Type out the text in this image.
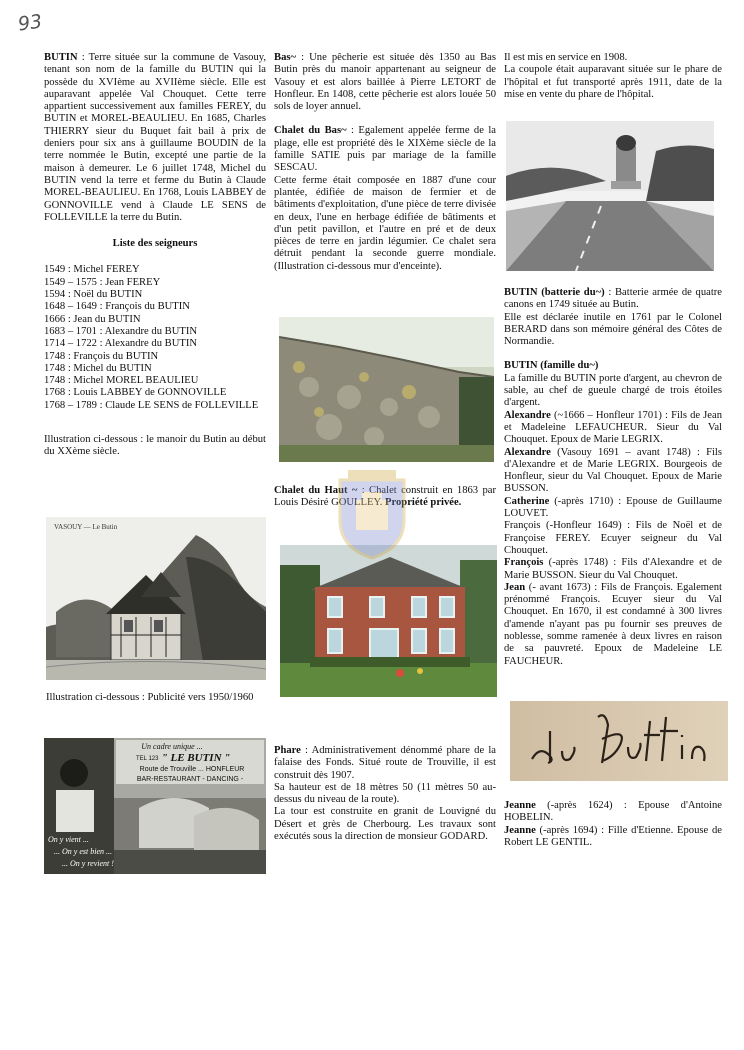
93

BUTIN : Terre située sur la commune de Vasouy, tenant son nom de la famille du BUTIN qui la possède du XVIème au XVIIème siècle. Elle est auparavant appelée Val Chouquet. Cette terre appartient successivement aux familles FEREY, du BUTIN et MOREL-BEAULIEU. En 1685, Charles THIERRY sieur du Buquet fait bail à prix de deniers pour six ans à guillaume BOUDIN de la terre nommée le Butin, excepté une partie de la maison à demeurer. Le 6 juillet 1748, Michel du BUTIN vend la terre et ferme du Butin à Claude MOREL-BEAULIEU. En 1768, Louis LABBEY de GONNOVILLE vend à Claude LE SENS de FOLLEVILLE la terre du Butin.

Liste des seigneurs

1549 : Michel FEREY

1549 – 1575 : Jean FEREY

1594 : Noël du BUTIN

1648 – 1649 : François du BUTIN

1666 : Jean du BUTIN

1683 – 1701 : Alexandre du BUTIN

1714 – 1722 : Alexandre du BUTIN

1748 : François du BUTIN

1748 : Michel du BUTIN

1748 : Michel MOREL BEAULIEU

1768 : Louis LABBEY de GONNOVILLE

1768 – 1789 : Claude LE SENS de FOLLEVILLE

Illustration ci-dessous : le manoir du Butin au début du XXème siècle.

VASOUY — Le Butin

Illustration ci-dessous : Publicité vers 1950/1960

Un cadre unique ...
TEL 123 " LE BUTIN "
Route de Trouville ... HONFLEUR
BAR-RESTAURANT - DANCING -
On y vient ...
... On y est bien ...
... On y revient !

Bas~ : Une pêcherie est située dès 1350 au Bas Butin près du manoir appartenant au seigneur de Vasouy et est alors baillée à Pierre LETORT de Honfleur. En 1408, cette pêcherie est alors louée 50 sols de loyer annuel.

Chalet du Bas~ : Egalement appelée ferme de la plage, elle est propriété dès le XIXème siècle de la famille SATIE puis par mariage de la famille SESCAU.

Cette ferme était composée en 1887 d'une cour plantée, édifiée de maison de fermier et de bâtiments d'exploitation, d'une pièce de terre divisée en deux, l'une en herbage édifiée de bâtiments et d'un petit pavillon, et l'autre en pré et de deux pièces de terre en jardin légumier. Ce chalet sera détruit pendant la seconde guerre mondiale. (Illustration ci-dessous mur d'enceinte).

Chalet du Haut ~ : Chalet construit en 1863 par Louis Désiré GOULLEY. Propriété privée.

Phare : Administrativement dénommé phare de la falaise des Fonds. Situé route de Trouville, il est construit dès 1907.

Sa hauteur est de 18 mètres 50 (11 mètres 50 au-dessus du niveau de la route).

La tour est construite en granit de Louvigné du Désert et grès de Cherbourg. Les travaux sont exécutés sous la direction de monsieur GODARD.

Il est mis en service en 1908.

La coupole était auparavant située sur le phare de l'hôpital et fut transporté après 1911, date de la mise en vente du phare de l'hôpital.

BUTIN (batterie du~) : Batterie armée de quatre canons en 1749 située au Butin.

Elle est déclarée inutile en 1761 par le Colonel BERARD dans son mémoire général des Côtes de Normandie.

BUTIN (famille du~)

La famille du BUTIN porte d'argent, au chevron de sable, au chef de gueule chargé de trois étoiles d'argent.

Alexandre (~1666 – Honfleur 1701) : Fils de Jean et Madeleine LEFAUCHEUR. Sieur du Val Chouquet. Epoux de Marie LEGRIX.

Alexandre (Vasouy 1691 – avant 1748) : Fils d'Alexandre et de Marie LEGRIX. Bourgeois de Honfleur, sieur du Val Chouquet. Epoux de Marie BUSSON.

Catherine (-après 1710) : Epouse de Guillaume LOUVET.

François (-Honfleur 1649) : Fils de Noël et de Françoise FEREY. Ecuyer seigneur du Val Chouquet.

François (-après 1748) : Fils d'Alexandre et de Marie BUSSON. Sieur du Val Chouquet.

Jean (- avant 1673) : Fils de François. Egalement prénommé François. Ecuyer sieur du Val Chouquet. En 1670, il est condamné à 300 livres d'amende n'ayant pas pu fournir ses preuves de noblesse, somme ramenée à deux livres en raison de sa pauvreté. Epoux de Madeleine LE FAUCHEUR.

Jeanne (-après 1624) : Epouse d'Antoine HOBELIN.

Jeanne (-après 1694) : Fille d'Etienne. Epouse de Robert LE GENTIL.
